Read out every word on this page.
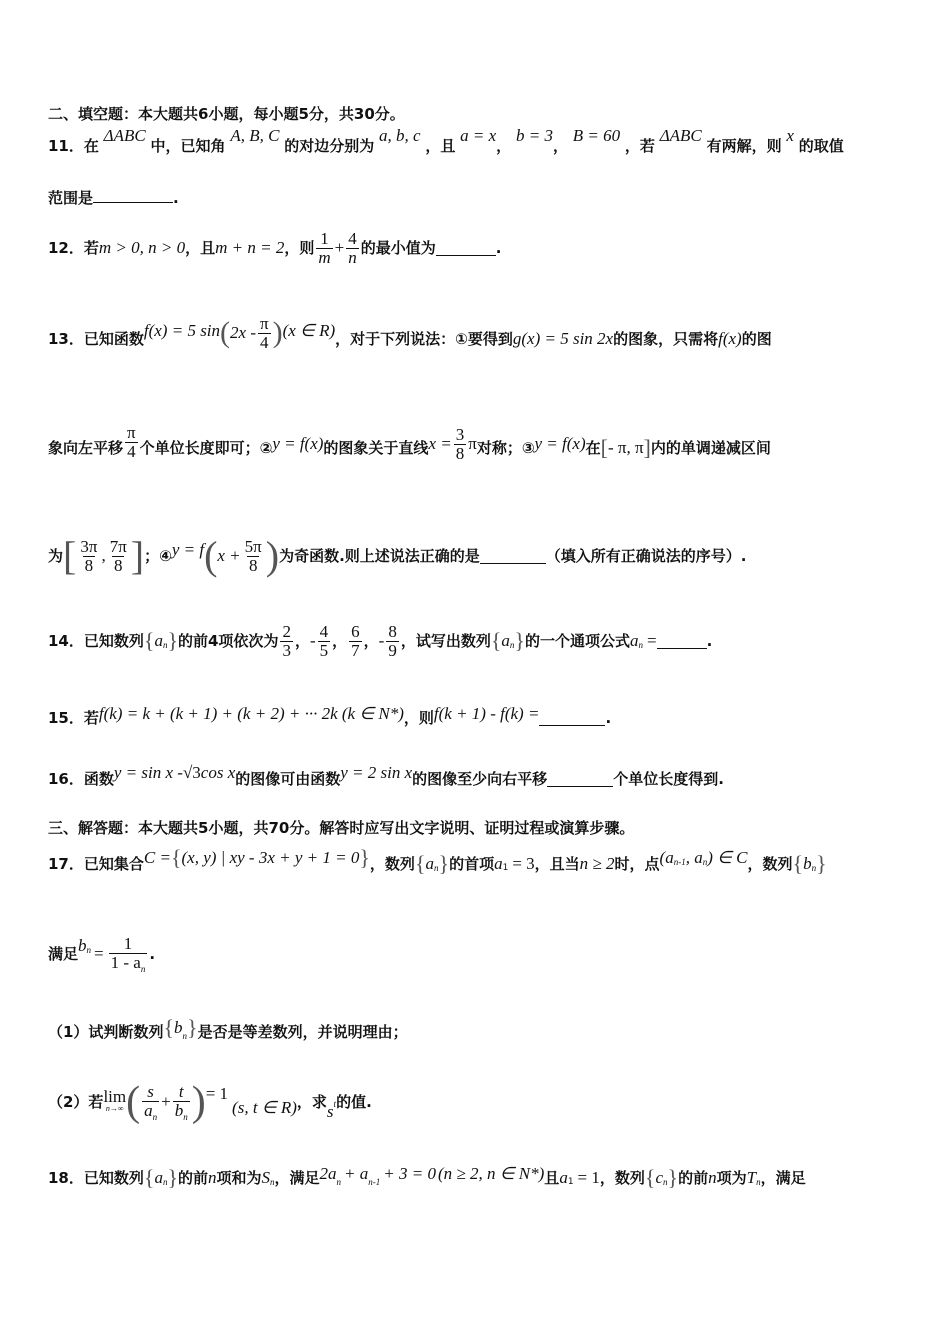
二、填空题：本大题共6小题，每小题5分，共30分。
11．在 ΔABC 中，已知角 A, B, C 的对边分别为 a, b, c ，且 a = x， b = 3， B = 60 ，若 ΔABC 有两解，则 x 的取值
范围是	.
12．若 m > 0, n > 0 ，且 m + n = 2 ，则 $\frac{1}{m} + \frac{4}{n}$ 的最小值为	.
13．已知函数 f(x) = 5 sin ( $2x - \frac{\pi}{4}$ ) (x ∈ R) ，对于下列说法：①要得到 g(x) = 5 sin 2x 的图象，只需将 f(x) 的图
象向左平移 $\frac{\pi}{4}$ 个单位长度即可；② y = f(x) 的图象关于直线 $x = \frac{3}{8}$ π 对称；③ y = f(x) 在 [ - π, π ] 内的单调递减区间
为 [ $\frac{3\pi}{8}$ , $\frac{7\pi}{8}$ ] ；④ y = f ( $x + \frac{5\pi}{8}$ ) 为奇函数.则上述说法正确的是	（填入所有正确说法的序号）.
14．已知数列 { a n } 的前4项依次为 $\frac{2}{3}$ ， - $\frac{4}{5}$ ， $\frac{6}{7}$ ， - $\frac{8}{9}$ ，试写出数列 { a n } 的一个通项公式 a n =	.
15．若 f(k) = k + (k + 1) + (k + 2) + ··· 2k (k ∈ N*) ，则 f(k + 1) - f(k) =	.
16．函数 y = sin x - √3 cos x 的图像可由函数 y = 2 sin x 的图像至少向右平移	个单位长度得到.
三、解答题：本大题共5小题，共70分。解答时应写出文字说明、证明过程或演算步骤。
17．已知集合 C = { (x, y) | xy - 3x + y + 1 = 0 } ，数列 { a n } 的首项 a 1 = 3 ，且当 n ≥ 2 时，点 (a n-1 , a n ) ∈ C ，数列 { b n }
满足 b $n = \frac{1}{1 - a_n}$ .
（1）试判断数列 { b n } 是否是等差数列，并说明理由；
（2）若 lim
n→∞ ( $\frac{s}{a_n} + \frac{t}{b_n}$ ) = 1
(s, t ∈ R) ，求 s t 的值.
18．已知数列 { a n } 的前 n 项和为 S n ，满足 2a n + a n-1 + 3 = 0 (n ≥ 2, n ∈ N*) 且 a 1 = 1 ，数列 { c n } 的前 n 项为 T n ，满足
